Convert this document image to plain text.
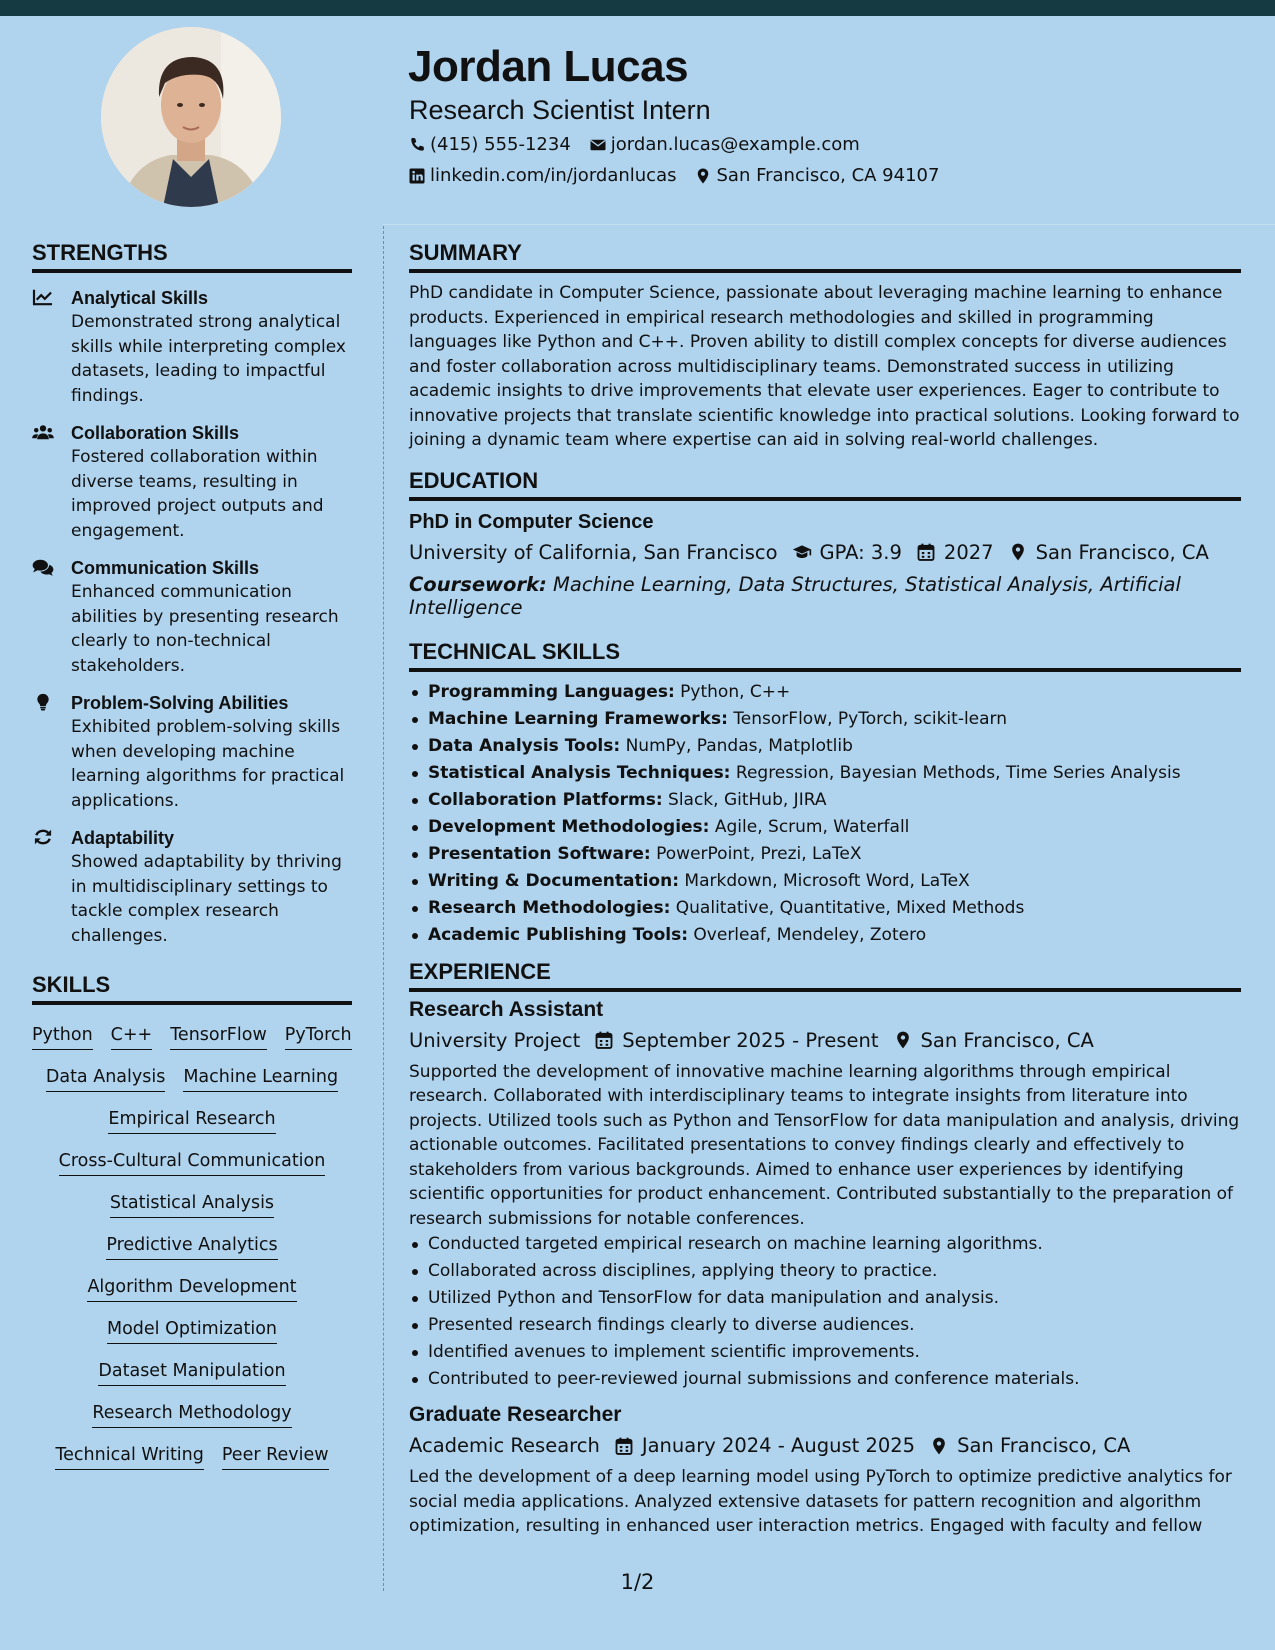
Jordan Lucas
Research Scientist Intern
(415) 555-1234 jordan.lucas@example.com
linkedin.com/in/jordanlucas San Francisco, CA 94107
STRENGTHS
Analytical Skills
Demonstrated strong analytical skills while interpreting complex datasets, leading to impactful findings.
Collaboration Skills
Fostered collaboration within diverse teams, resulting in improved project outputs and engagement.
Communication Skills
Enhanced communication abilities by presenting research clearly to non-technical stakeholders.
Problem-Solving Abilities
Exhibited problem-solving skills when developing machine learning algorithms for practical applications.
Adaptability
Showed adaptability by thriving in multidisciplinary settings to tackle complex research challenges.
SKILLS
Python C++ TensorFlow PyTorch
Data Analysis Machine Learning
Empirical Research
Cross-Cultural Communication
Statistical Analysis
Predictive Analytics
Algorithm Development
Model Optimization
Dataset Manipulation
Research Methodology
Technical Writing Peer Review
SUMMARY
PhD candidate in Computer Science, passionate about leveraging machine learning to enhance products. Experienced in empirical research methodologies and skilled in programming languages like Python and C++. Proven ability to distill complex concepts for diverse audiences and foster collaboration across multidisciplinary teams. Demonstrated success in utilizing academic insights to drive improvements that elevate user experiences. Eager to contribute to innovative projects that translate scientific knowledge into practical solutions. Looking forward to joining a dynamic team where expertise can aid in solving real-world challenges.
EDUCATION
PhD in Computer Science
University of California, San Francisco GPA: 3.9 2027 San Francisco, CA
Coursework: Machine Learning, Data Structures, Statistical Analysis, Artificial Intelligence
TECHNICAL SKILLS
Programming Languages: Python, C++
Machine Learning Frameworks: TensorFlow, PyTorch, scikit-learn
Data Analysis Tools: NumPy, Pandas, Matplotlib
Statistical Analysis Techniques: Regression, Bayesian Methods, Time Series Analysis
Collaboration Platforms: Slack, GitHub, JIRA
Development Methodologies: Agile, Scrum, Waterfall
Presentation Software: PowerPoint, Prezi, LaTeX
Writing & Documentation: Markdown, Microsoft Word, LaTeX
Research Methodologies: Qualitative, Quantitative, Mixed Methods
Academic Publishing Tools: Overleaf, Mendeley, Zotero
EXPERIENCE
Research Assistant
University Project September 2025 - Present San Francisco, CA
Supported the development of innovative machine learning algorithms through empirical research. Collaborated with interdisciplinary teams to integrate insights from literature into projects. Utilized tools such as Python and TensorFlow for data manipulation and analysis, driving actionable outcomes. Facilitated presentations to convey findings clearly and effectively to stakeholders from various backgrounds. Aimed to enhance user experiences by identifying scientific opportunities for product enhancement. Contributed substantially to the preparation of research submissions for notable conferences.
Conducted targeted empirical research on machine learning algorithms.
Collaborated across disciplines, applying theory to practice.
Utilized Python and TensorFlow for data manipulation and analysis.
Presented research findings clearly to diverse audiences.
Identified avenues to implement scientific improvements.
Contributed to peer-reviewed journal submissions and conference materials.
Graduate Researcher
Academic Research January 2024 - August 2025 San Francisco, CA
Led the development of a deep learning model using PyTorch to optimize predictive analytics for social media applications. Analyzed extensive datasets for pattern recognition and algorithm optimization, resulting in enhanced user interaction metrics. Engaged with faculty and fellow
1/2
